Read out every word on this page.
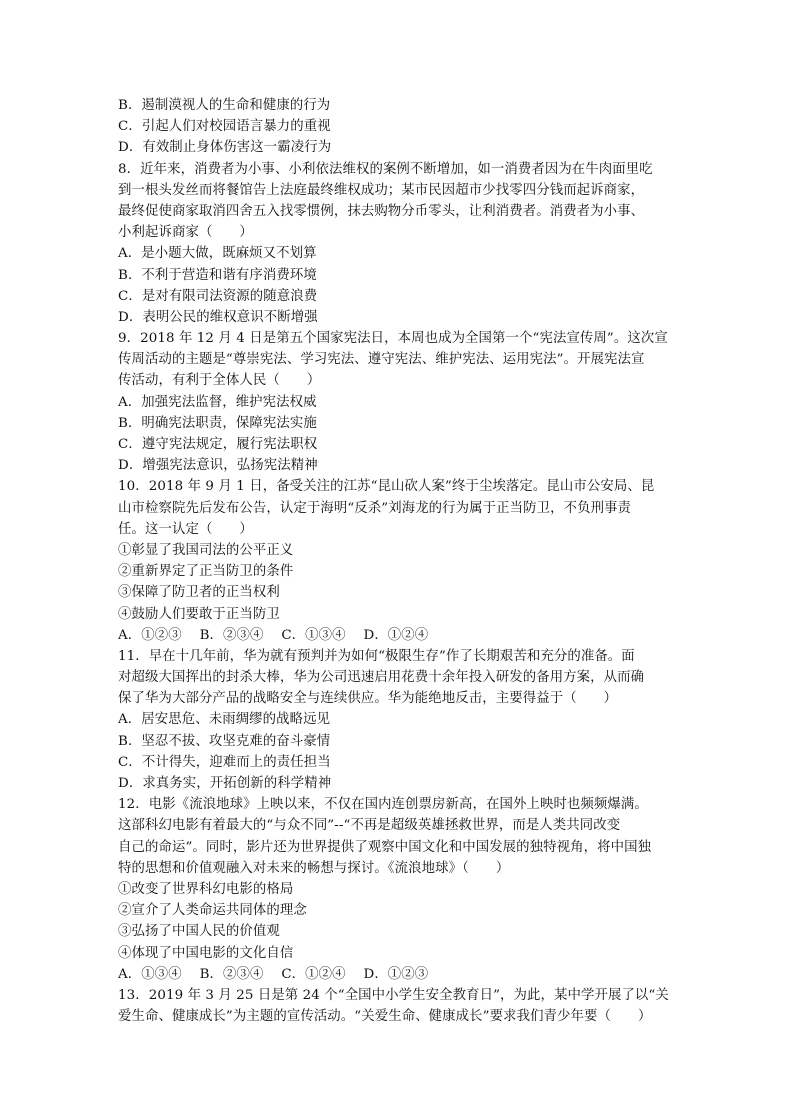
B．遏制漠视人的生命和健康的行为
C．引起人们对校园语言暴力的重视
D．有效制止身体伤害这一霸凌行为
8．近年来，消费者为小事、小利依法维权的案例不断增加，如一消费者因为在牛肉面里吃
到一根头发丝而将餐馆告上法庭最终维权成功；某市民因超市少找零四分钱而起诉商家，
最终促使商家取消四舍五入找零惯例，抹去购物分币零头，让利消费者。消费者为小事、
小利起诉商家（　　）
A．是小题大做，既麻烦又不划算
B．不利于营造和谐有序消费环境
C．是对有限司法资源的随意浪费
D．表明公民的维权意识不断增强
9．2018 年 12 月 4 日是第五个国家宪法日，本周也成为全国第一个“宪法宣传周”。这次宣
传周活动的主题是“尊崇宪法、学习宪法、遵守宪法、维护宪法、运用宪法”。开展宪法宣
传活动，有利于全体人民（　　）
A．加强宪法监督，维护宪法权威
B．明确宪法职责，保障宪法实施
C．遵守宪法规定，履行宪法职权
D．增强宪法意识，弘扬宪法精神
10．2018 年 9 月 1 日，备受关注的江苏“昆山砍人案”终于尘埃落定。昆山市公安局、昆
山市检察院先后发布公告，认定于海明“反杀”刘海龙的行为属于正当防卫，不负刑事责
任。这一认定（　　）
①彰显了我国司法的公平正义
②重新界定了正当防卫的条件
③保障了防卫者的正当权利
④鼓励人们要敢于正当防卫
A．①②③　 B．②③④　 C．①③④　 D．①②④
11．早在十几年前，华为就有预判并为如何“极限生存”作了长期艰苦和充分的准备。面
对超级大国挥出的封杀大棒，华为公司迅速启用花费十余年投入研发的备用方案，从而确
保了华为大部分产品的战略安全与连续供应。华为能绝地反击，主要得益于（　　）
A．居安思危、未雨绸缪的战略远见
B．坚忍不拔、攻坚克难的奋斗豪情
C．不计得失，迎难而上的责任担当
D．求真务实，开拓创新的科学精神
12．电影《流浪地球》上映以来，不仅在国内连创票房新高，在国外上映时也频频爆满。
这部科幻电影有着最大的“与众不同”--“不再是超级英雄拯救世界，而是人类共同改变
自己的命运”。同时，影片还为世界提供了观察中国文化和中国发展的独特视角，将中国独
特的思想和价值观融入对未来的畅想与探讨。《流浪地球》（　　）
①改变了世界科幻电影的格局
②宣介了人类命运共同体的理念
③弘扬了中国人民的价值观
④体现了中国电影的文化自信
A．①③④　 B．②③④　 C．①②④　 D．①②③
13．2019 年 3 月 25 日是第 24 个“全国中小学生安全教育日”，为此，某中学开展了以“关
爱生命、健康成长”为主题的宣传活动。“关爱生命、健康成长”要求我们青少年要（　　）
